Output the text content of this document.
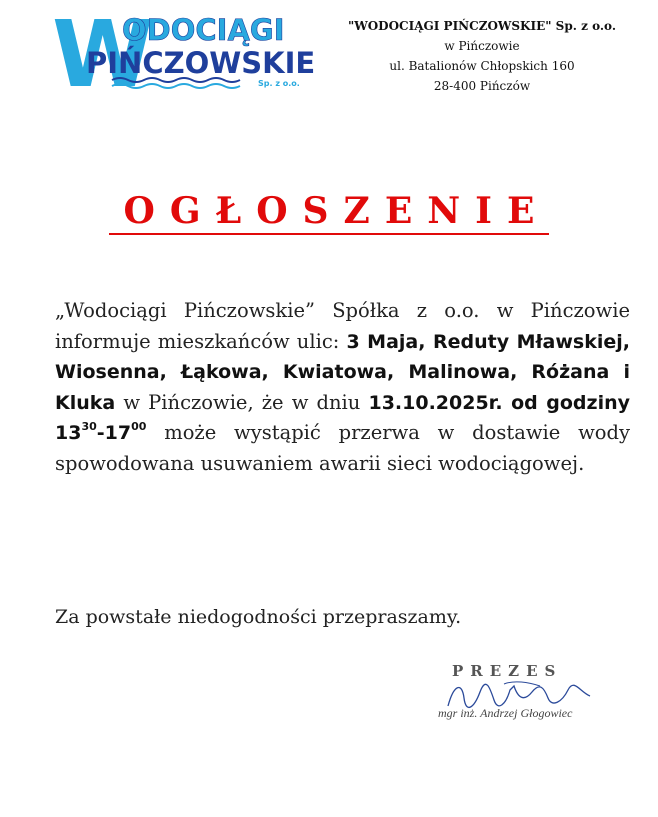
W
ODOCIĄGI
PIŃCZOWSKIE
Sp. z o.o.
"WODOCIĄGI PIŃCZOWSKIE" Sp. z o.o.
w Pińczowie
ul. Batalionów Chłopskich 160
28-400 Pińczów
OGŁOSZENIE
„Wodociągi Pińczowskie” Spółka z o.o. w Pińczowie informuje mieszkańców ulic: 3 Maja, Reduty Mławskiej, Wiosenna, Łąkowa, Kwiatowa, Malinowa, Różana i Kluka w Pińczowie, że w dniu 13.10.2025r. od godziny $13^{30}-17^{00}$ może wystąpić przerwa w dostawie wody spowodowana usuwaniem awarii sieci wodociągowej.
Za powstałe niedogodności przepraszamy.
PREZES
mgr inż. Andrzej Głogowiec
